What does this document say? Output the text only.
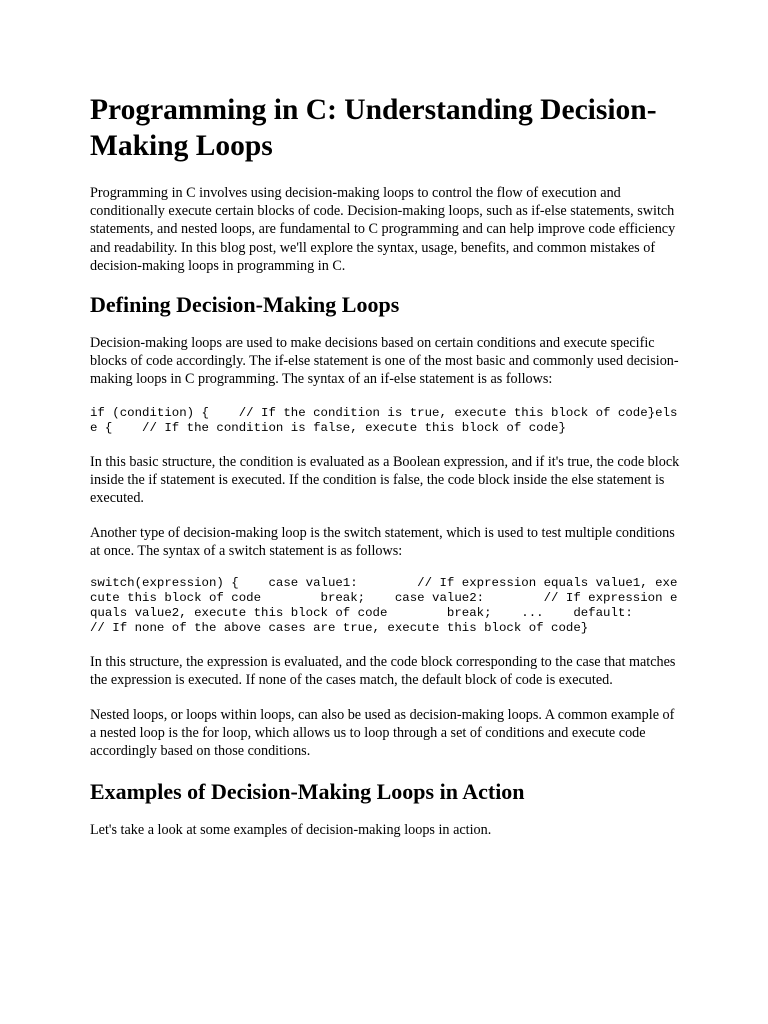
Programming in C: Understanding Decision-Making Loops

Programming in C involves using decision-making loops to control the flow of execution and conditionally execute certain blocks of code. Decision-making loops, such as if-else statements, switch statements, and nested loops, are fundamental to C programming and can help improve code efficiency and readability. In this blog post, we'll explore the syntax, usage, benefits, and common mistakes of decision-making loops in programming in C.

Defining Decision-Making Loops

Decision-making loops are used to make decisions based on certain conditions and execute specific blocks of code accordingly. The if-else statement is one of the most basic and commonly used decision-making loops in C programming. The syntax of an if-else statement is as follows:

if (condition) {    // If the condition is true, execute this block of code}else {    // If the condition is false, execute this block of code}

In this basic structure, the condition is evaluated as a Boolean expression, and if it's true, the code block inside the if statement is executed. If the condition is false, the code block inside the else statement is executed.

Another type of decision-making loop is the switch statement, which is used to test multiple conditions at once. The syntax of a switch statement is as follows:

switch(expression) {    case value1:        // If expression equals value1, execute this block of code        break;    case value2:        // If expression equals value2, execute this block of code        break;    ...    default:        // If none of the above cases are true, execute this block of code}

In this structure, the expression is evaluated, and the code block corresponding to the case that matches the expression is executed. If none of the cases match, the default block of code is executed.

Nested loops, or loops within loops, can also be used as decision-making loops. A common example of a nested loop is the for loop, which allows us to loop through a set of conditions and execute code accordingly based on those conditions.

Examples of Decision-Making Loops in Action

Let's take a look at some examples of decision-making loops in action.
